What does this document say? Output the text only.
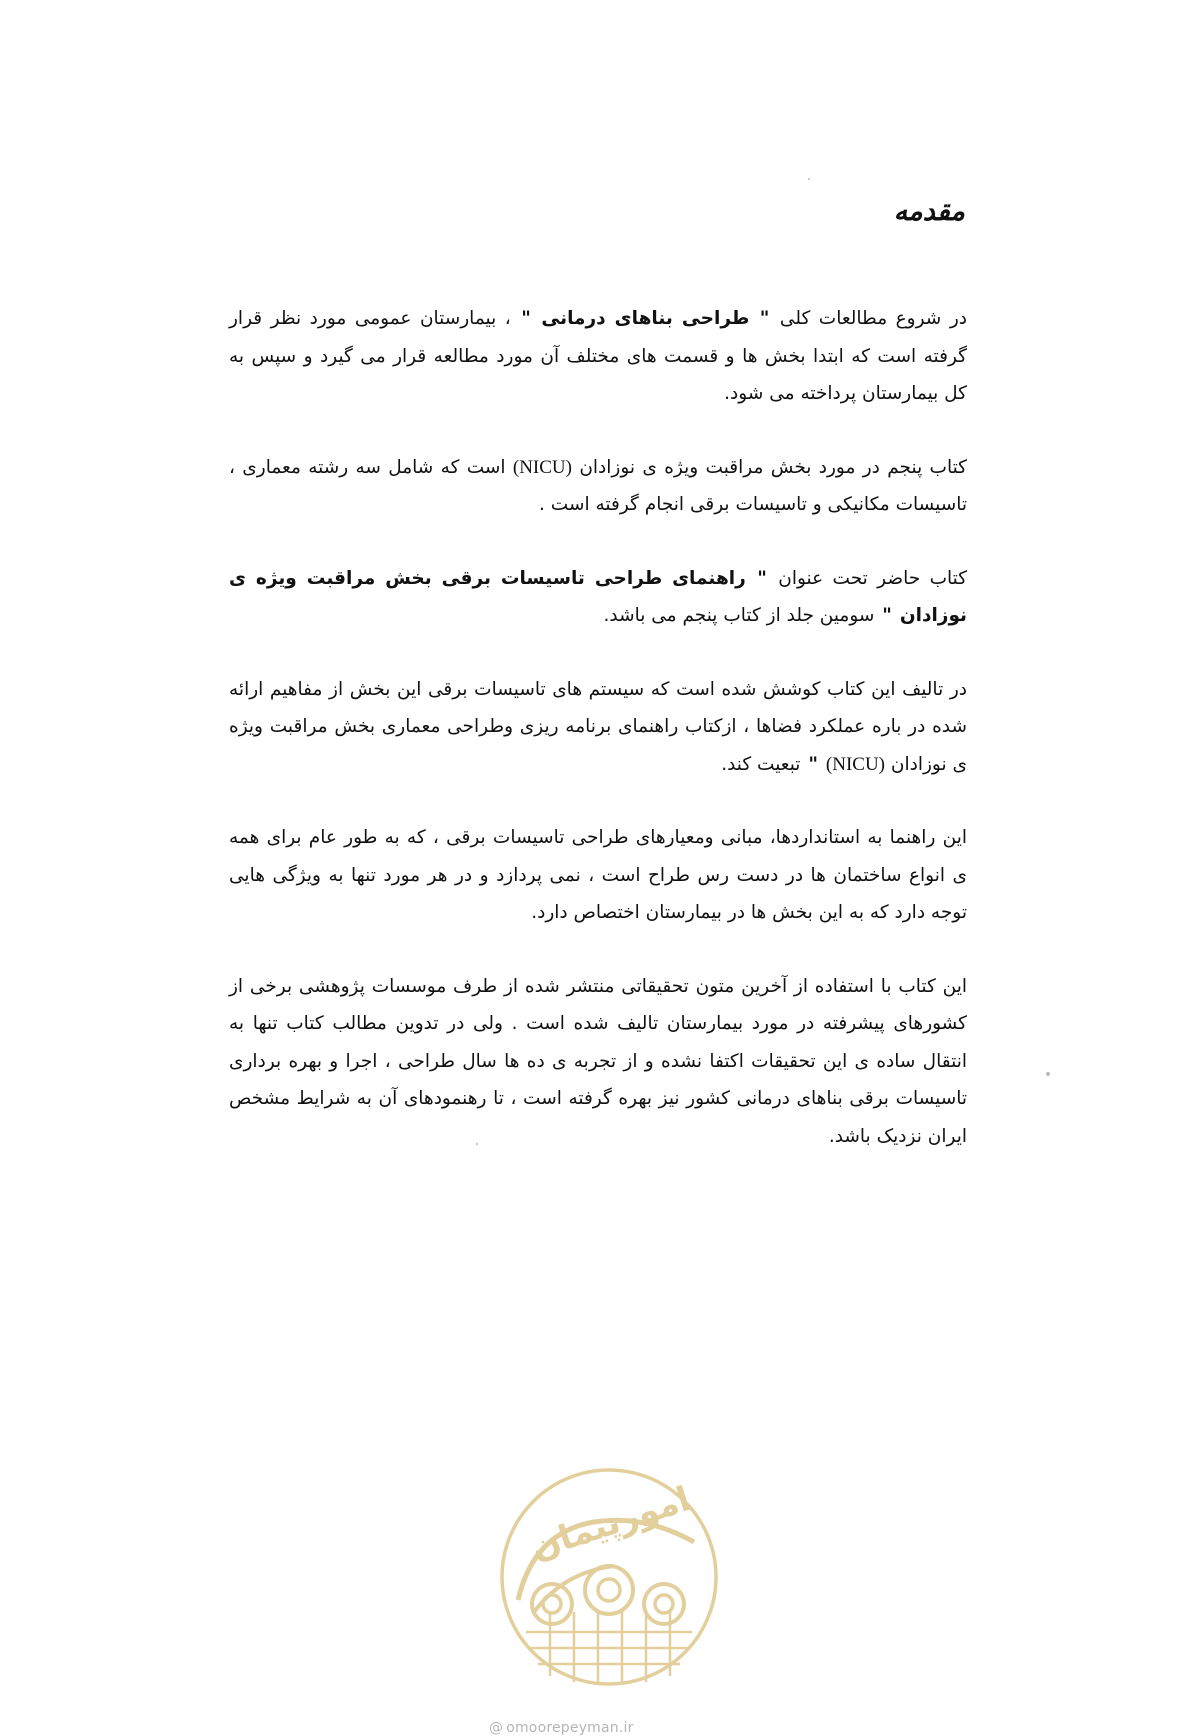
مقدمه

در شروع مطالعات کلی " طراحی بناهای درمانی " ، بیمارستان عمومی مورد نظر قرار گرفته است که ابتدا بخش ها و قسمت های مختلف آن مورد مطالعه قرار می گیرد و سپس به کل بیمارستان پرداخته می شود.

کتاب پنجم در مورد بخش مراقبت ویژه ی نوزادان (NICU) است که شامل سه رشته معماری ، تاسیسات مکانیکی و تاسیسات برقی انجام گرفته است .

کتاب حاضر تحت عنوان " راهنمای طراحی تاسیسات برقی بخش مراقبت ویژه ی نوزادان " سومین جلد از کتاب پنجم می باشد.

در تالیف این کتاب کوشش شده است که سیستم های تاسیسات برقی این بخش از مفاهیم ارائه شده در باره عملکرد فضاها ، ازکتاب راهنمای برنامه ریزی وطراحی معماری بخش مراقبت ویژه ی نوزادان (NICU) " تبعیت کند.

این راهنما به استانداردها، مبانی ومعیارهای طراحی تاسیسات برقی ، که به طور عام برای همه ی انواع ساختمان ها در دست رس طراح است ، نمی پردازد و در هر مورد تنها به ویژگی هایی توجه دارد که به این بخش ها در بیمارستان اختصاص دارد.

این کتاب با استفاده از آخرین متون تحقیقاتی منتشر شده از طرف موسسات پژوهشی برخی از کشورهای پیشرفته در مورد بیمارستان تالیف شده است . ولی در تدوین مطالب کتاب تنها به انتقال ساده ی این تحقیقات اکتفا نشده و از تجربه ی ده ها سال طراحی ، اجرا و بهره برداری تاسیسات برقی بناهای درمانی کشور نیز بهره گرفته است ، تا رهنمودهای آن به شرایط مشخص ایران نزدیک باشد.

امورپیمان
@ omoorepeyman.ir
